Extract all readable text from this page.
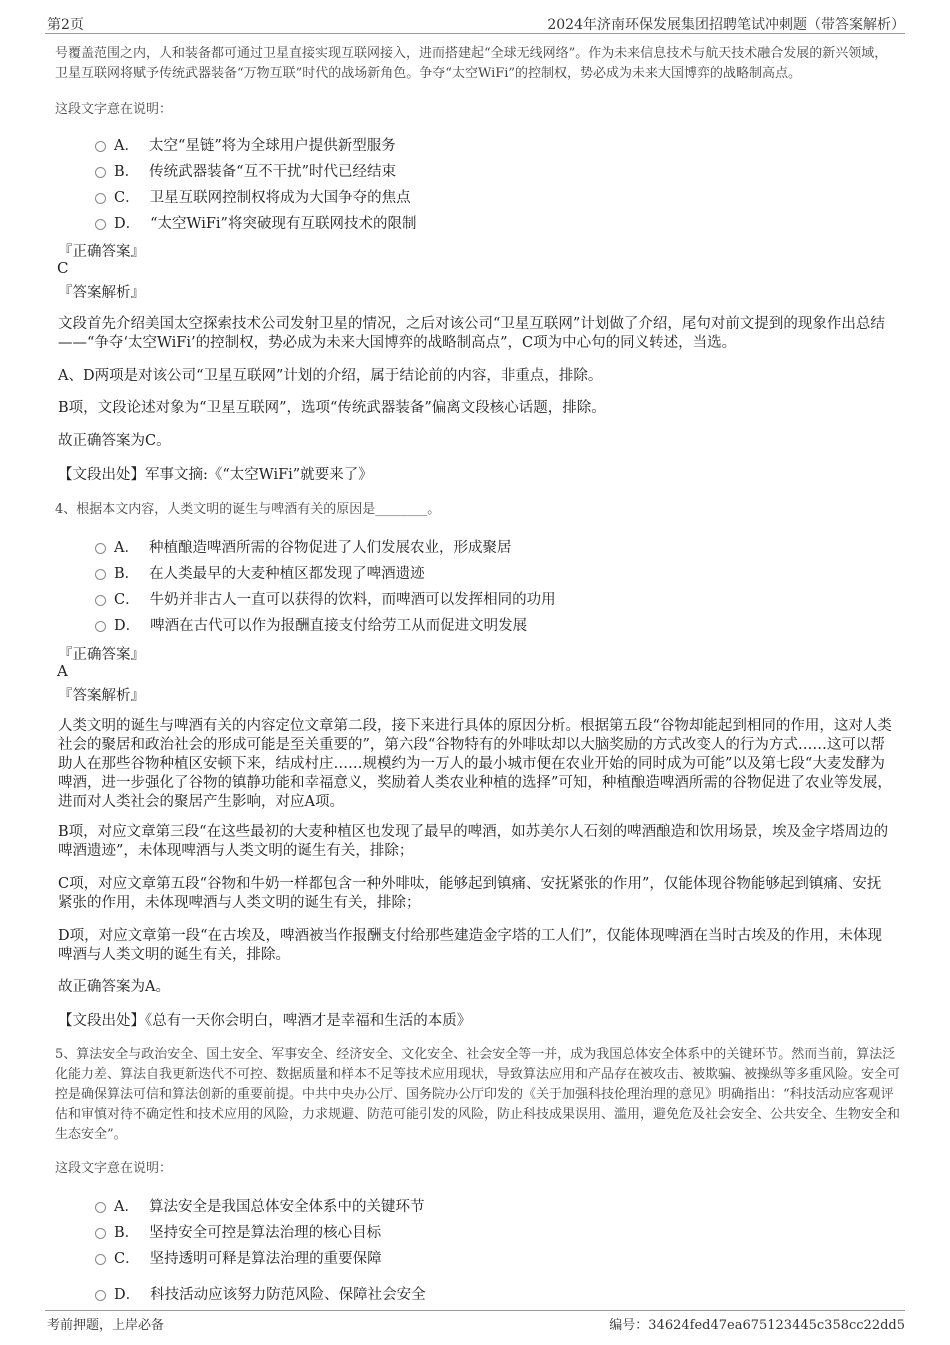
第2页	2024年济南环保发展集团招聘笔试冲刺题（带答案解析）
号覆盖范围之内，人和装备都可通过卫星直接实现互联网接入，进而搭建起“全球无线网络”。作为未来信息技术与航天技术融合发展的新兴领域，卫星互联网将赋予传统武器装备“万物互联”时代的战场新角色。争夺“太空WiFi”的控制权，势必成为未来大国博弈的战略制高点。
这段文字意在说明：
A． 太空“星链”将为全球用户提供新型服务
B． 传统武器装备“互不干扰”时代已经结束
C． 卫星互联网控制权将成为大国争夺的焦点
D． “太空WiFi”将突破现有互联网技术的限制
『正确答案』
C
『答案解析』
文段首先介绍美国太空探索技术公司发射卫星的情况，之后对该公司“卫星互联网”计划做了介绍，尾句对前文提到的现象作出总结——“争夺‘太空WiFi’的控制权，势必成为未来大国博弈的战略制高点”，C项为中心句的同义转述，当选。
A、D两项是对该公司“卫星互联网”计划的介绍，属于结论前的内容，非重点，排除。
B项，文段论述对象为“卫星互联网”，选项“传统武器装备”偏离文段核心话题，排除。
故正确答案为C。
【文段出处】军事文摘:《“太空WiFi”就要来了》
4、根据本文内容，人类文明的诞生与啤酒有关的原因是________。
A． 种植酿造啤酒所需的谷物促进了人们发展农业，形成聚居
B． 在人类最早的大麦种植区都发现了啤酒遗迹
C． 牛奶并非古人一直可以获得的饮料，而啤酒可以发挥相同的功用
D． 啤酒在古代可以作为报酬直接支付给劳工从而促进文明发展
『正确答案』
A
『答案解析』
人类文明的诞生与啤酒有关的内容定位文章第二段，接下来进行具体的原因分析。根据第五段“谷物却能起到相同的作用，这对人类社会的聚居和政治社会的形成可能是至关重要的”，第六段“谷物特有的外啡呔却以大脑奖励的方式改变人的行为方式……这可以帮助人在那些谷物种植区安顿下来，结成村庄……规模约为一万人的最小城市便在农业开始的同时成为可能”以及第七段“大麦发酵为啤酒，进一步强化了谷物的镇静功能和幸福意义，奖励着人类农业种植的选择”可知，种植酿造啤酒所需的谷物促进了农业等发展，进而对人类社会的聚居产生影响，对应A项。
B项，对应文章第三段“在这些最初的大麦种植区也发现了最早的啤酒，如苏美尔人石刻的啤酒酿造和饮用场景，埃及金字塔周边的啤酒遗迹”，未体现啤酒与人类文明的诞生有关，排除；
C项，对应文章第五段“谷物和牛奶一样都包含一种外啡呔，能够起到镇痛、安抚紧张的作用”，仅能体现谷物能够起到镇痛、安抚紧张的作用，未体现啤酒与人类文明的诞生有关，排除；
D项，对应文章第一段“在古埃及，啤酒被当作报酬支付给那些建造金字塔的工人们”，仅能体现啤酒在当时古埃及的作用，未体现啤酒与人类文明的诞生有关，排除。
故正确答案为A。
【文段出处】《总有一天你会明白，啤酒才是幸福和生活的本质》
5、算法安全与政治安全、国土安全、军事安全、经济安全、文化安全、社会安全等一并，成为我国总体安全体系中的关键环节。然而当前，算法泛化能力差、算法自我更新迭代不可控、数据质量和样本不足等技术应用现状，导致算法应用和产品存在被攻击、被欺骗、被操纵等多重风险。安全可控是确保算法可信和算法创新的重要前提。中共中央办公厅、国务院办公厅印发的《关于加强科技伦理治理的意见》明确指出：“科技活动应客观评估和审慎对待不确定性和技术应用的风险，力求规避、防范可能引发的风险，防止科技成果误用、滥用，避免危及社会安全、公共安全、生物安全和生态安全”。
这段文字意在说明：
A． 算法安全是我国总体安全体系中的关键环节
B． 坚持安全可控是算法治理的核心目标
C． 坚持透明可释是算法治理的重要保障
D． 科技活动应该努力防范风险、保障社会安全
考前押题，上岸必备	编号：34624fed47ea675123445c358cc22dd5
